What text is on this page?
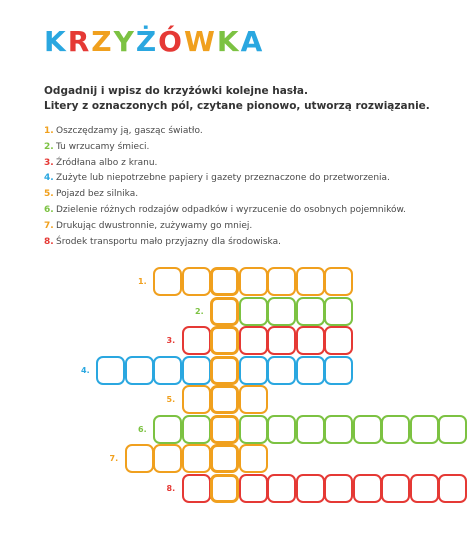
KRZYŻÓWKA

Odgadnij i wpisz do krzyżówki kolejne hasła.

Litery z oznaczonych pól, czytane pionowo, utworzą rozwiązanie.

1. Oszczędzamy ją, gasząc światło.
2. Tu wrzucamy śmieci.
3. Źródłana albo z kranu.
4. Zużyte lub niepotrzebne papiery i gazety przeznaczone do przetworzenia.
5. Pojazd bez silnika.
6. Dzielenie różnych rodzajów odpadków i wyrzucenie do osobnych pojemników.
7. Drukując dwustronnie, zużywamy go mniej.
8. Środek transportu mało przyjazny dla środowiska.
1.
2.
3.
4.
5.
6.
7.
8.
